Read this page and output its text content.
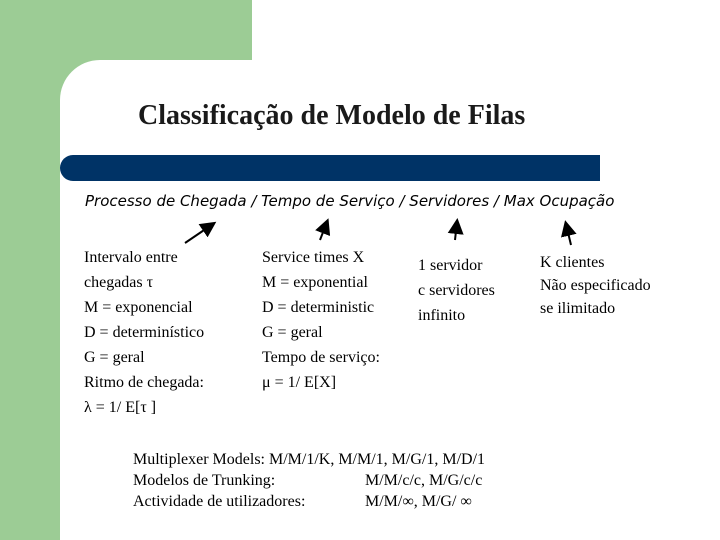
Classificação de Modelo de Filas
Processo de Chegada / Tempo de Serviço / Servidores / Max Ocupação
Intervalo entre
chegadas τ
M = exponencial
D = determinístico
G = geral
Ritmo de chegada:
λ = 1/ E[τ ]
Service times X
M = exponential
D = deterministic
G = geral
Tempo de serviço:
μ = 1/ E[X]
1 servidor
c servidores
infinito
K clientes
Não especificado
se ilimitado
Multiplexer Models: M/M/1/K, M/M/1, M/G/1, M/D/1
Modelos de Trunking:	M/M/c/c, M/G/c/c
Actividade de utilizadores:	M/M/∞, M/G/ ∞
